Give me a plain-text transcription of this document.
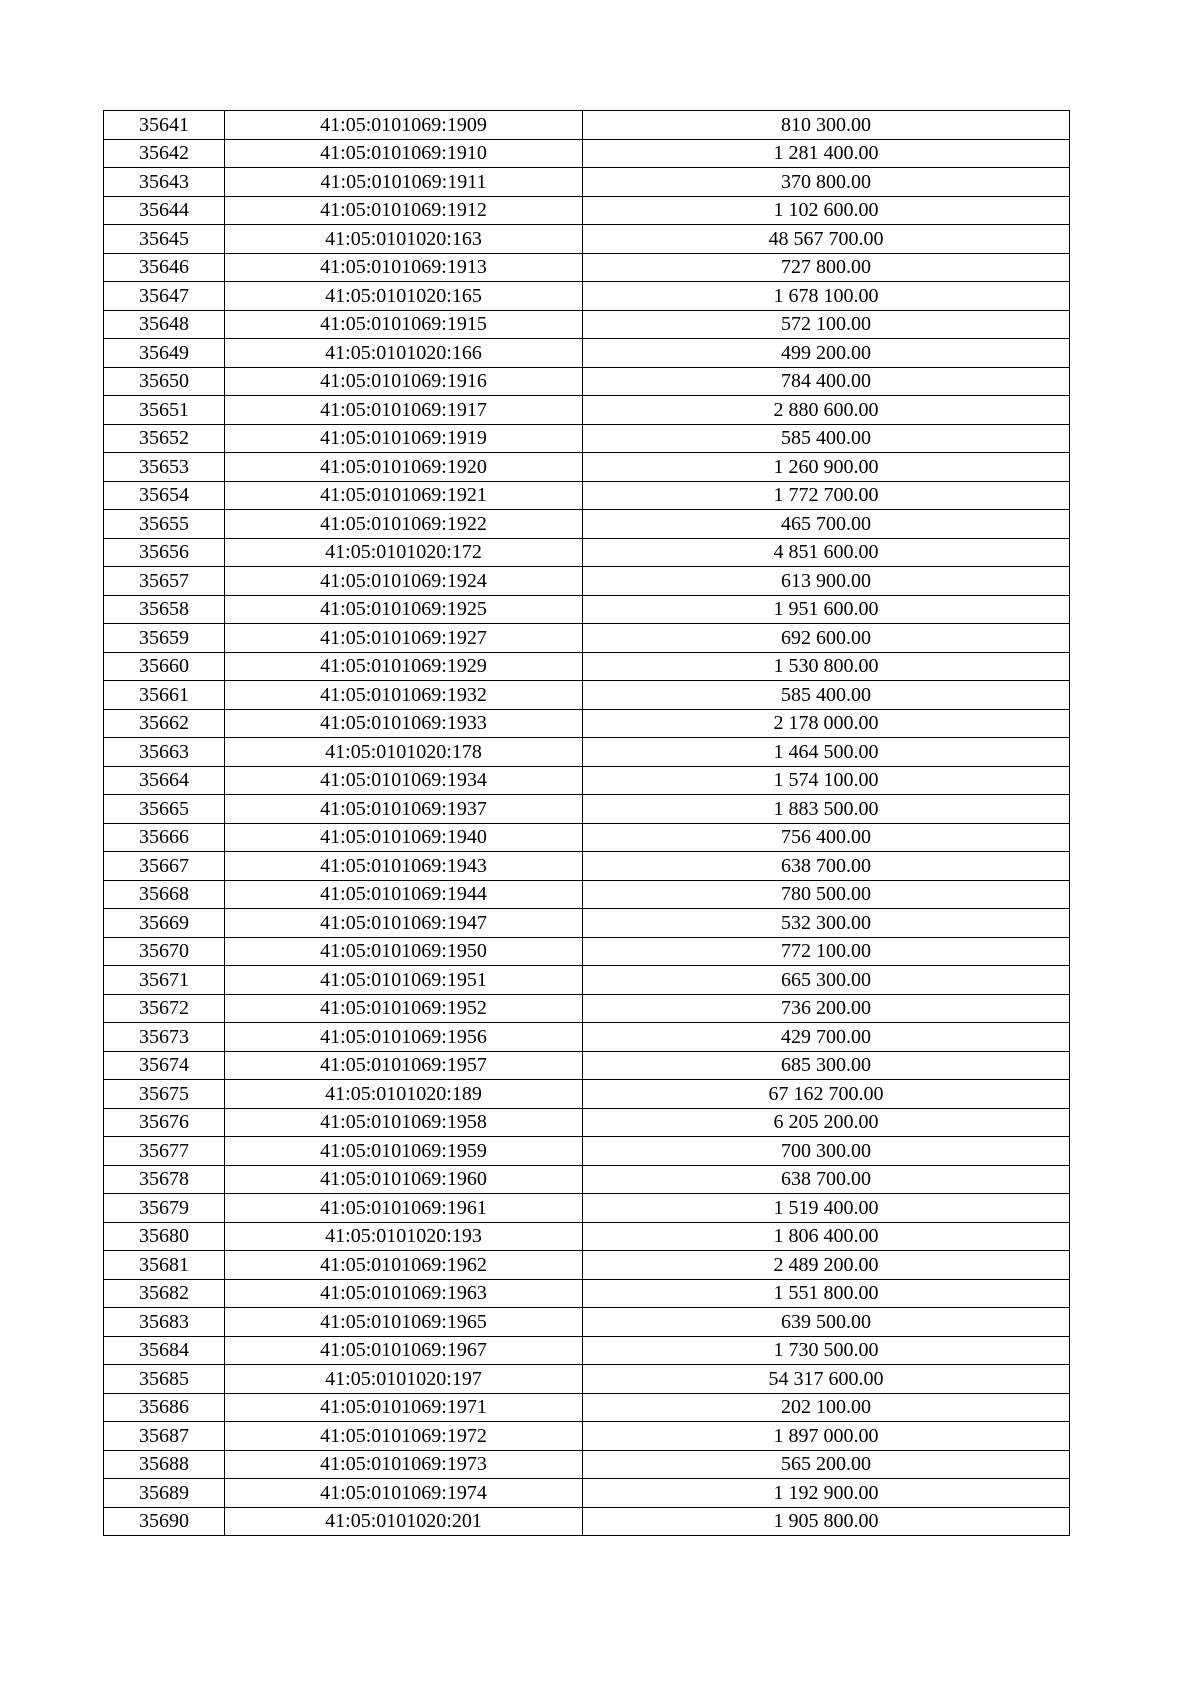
35641	41:05:0101069:1909	810 300.00
35642	41:05:0101069:1910	1 281 400.00
35643	41:05:0101069:1911	370 800.00
35644	41:05:0101069:1912	1 102 600.00
35645	41:05:0101020:163	48 567 700.00
35646	41:05:0101069:1913	727 800.00
35647	41:05:0101020:165	1 678 100.00
35648	41:05:0101069:1915	572 100.00
35649	41:05:0101020:166	499 200.00
35650	41:05:0101069:1916	784 400.00
35651	41:05:0101069:1917	2 880 600.00
35652	41:05:0101069:1919	585 400.00
35653	41:05:0101069:1920	1 260 900.00
35654	41:05:0101069:1921	1 772 700.00
35655	41:05:0101069:1922	465 700.00
35656	41:05:0101020:172	4 851 600.00
35657	41:05:0101069:1924	613 900.00
35658	41:05:0101069:1925	1 951 600.00
35659	41:05:0101069:1927	692 600.00
35660	41:05:0101069:1929	1 530 800.00
35661	41:05:0101069:1932	585 400.00
35662	41:05:0101069:1933	2 178 000.00
35663	41:05:0101020:178	1 464 500.00
35664	41:05:0101069:1934	1 574 100.00
35665	41:05:0101069:1937	1 883 500.00
35666	41:05:0101069:1940	756 400.00
35667	41:05:0101069:1943	638 700.00
35668	41:05:0101069:1944	780 500.00
35669	41:05:0101069:1947	532 300.00
35670	41:05:0101069:1950	772 100.00
35671	41:05:0101069:1951	665 300.00
35672	41:05:0101069:1952	736 200.00
35673	41:05:0101069:1956	429 700.00
35674	41:05:0101069:1957	685 300.00
35675	41:05:0101020:189	67 162 700.00
35676	41:05:0101069:1958	6 205 200.00
35677	41:05:0101069:1959	700 300.00
35678	41:05:0101069:1960	638 700.00
35679	41:05:0101069:1961	1 519 400.00
35680	41:05:0101020:193	1 806 400.00
35681	41:05:0101069:1962	2 489 200.00
35682	41:05:0101069:1963	1 551 800.00
35683	41:05:0101069:1965	639 500.00
35684	41:05:0101069:1967	1 730 500.00
35685	41:05:0101020:197	54 317 600.00
35686	41:05:0101069:1971	202 100.00
35687	41:05:0101069:1972	1 897 000.00
35688	41:05:0101069:1973	565 200.00
35689	41:05:0101069:1974	1 192 900.00
35690	41:05:0101020:201	1 905 800.00
